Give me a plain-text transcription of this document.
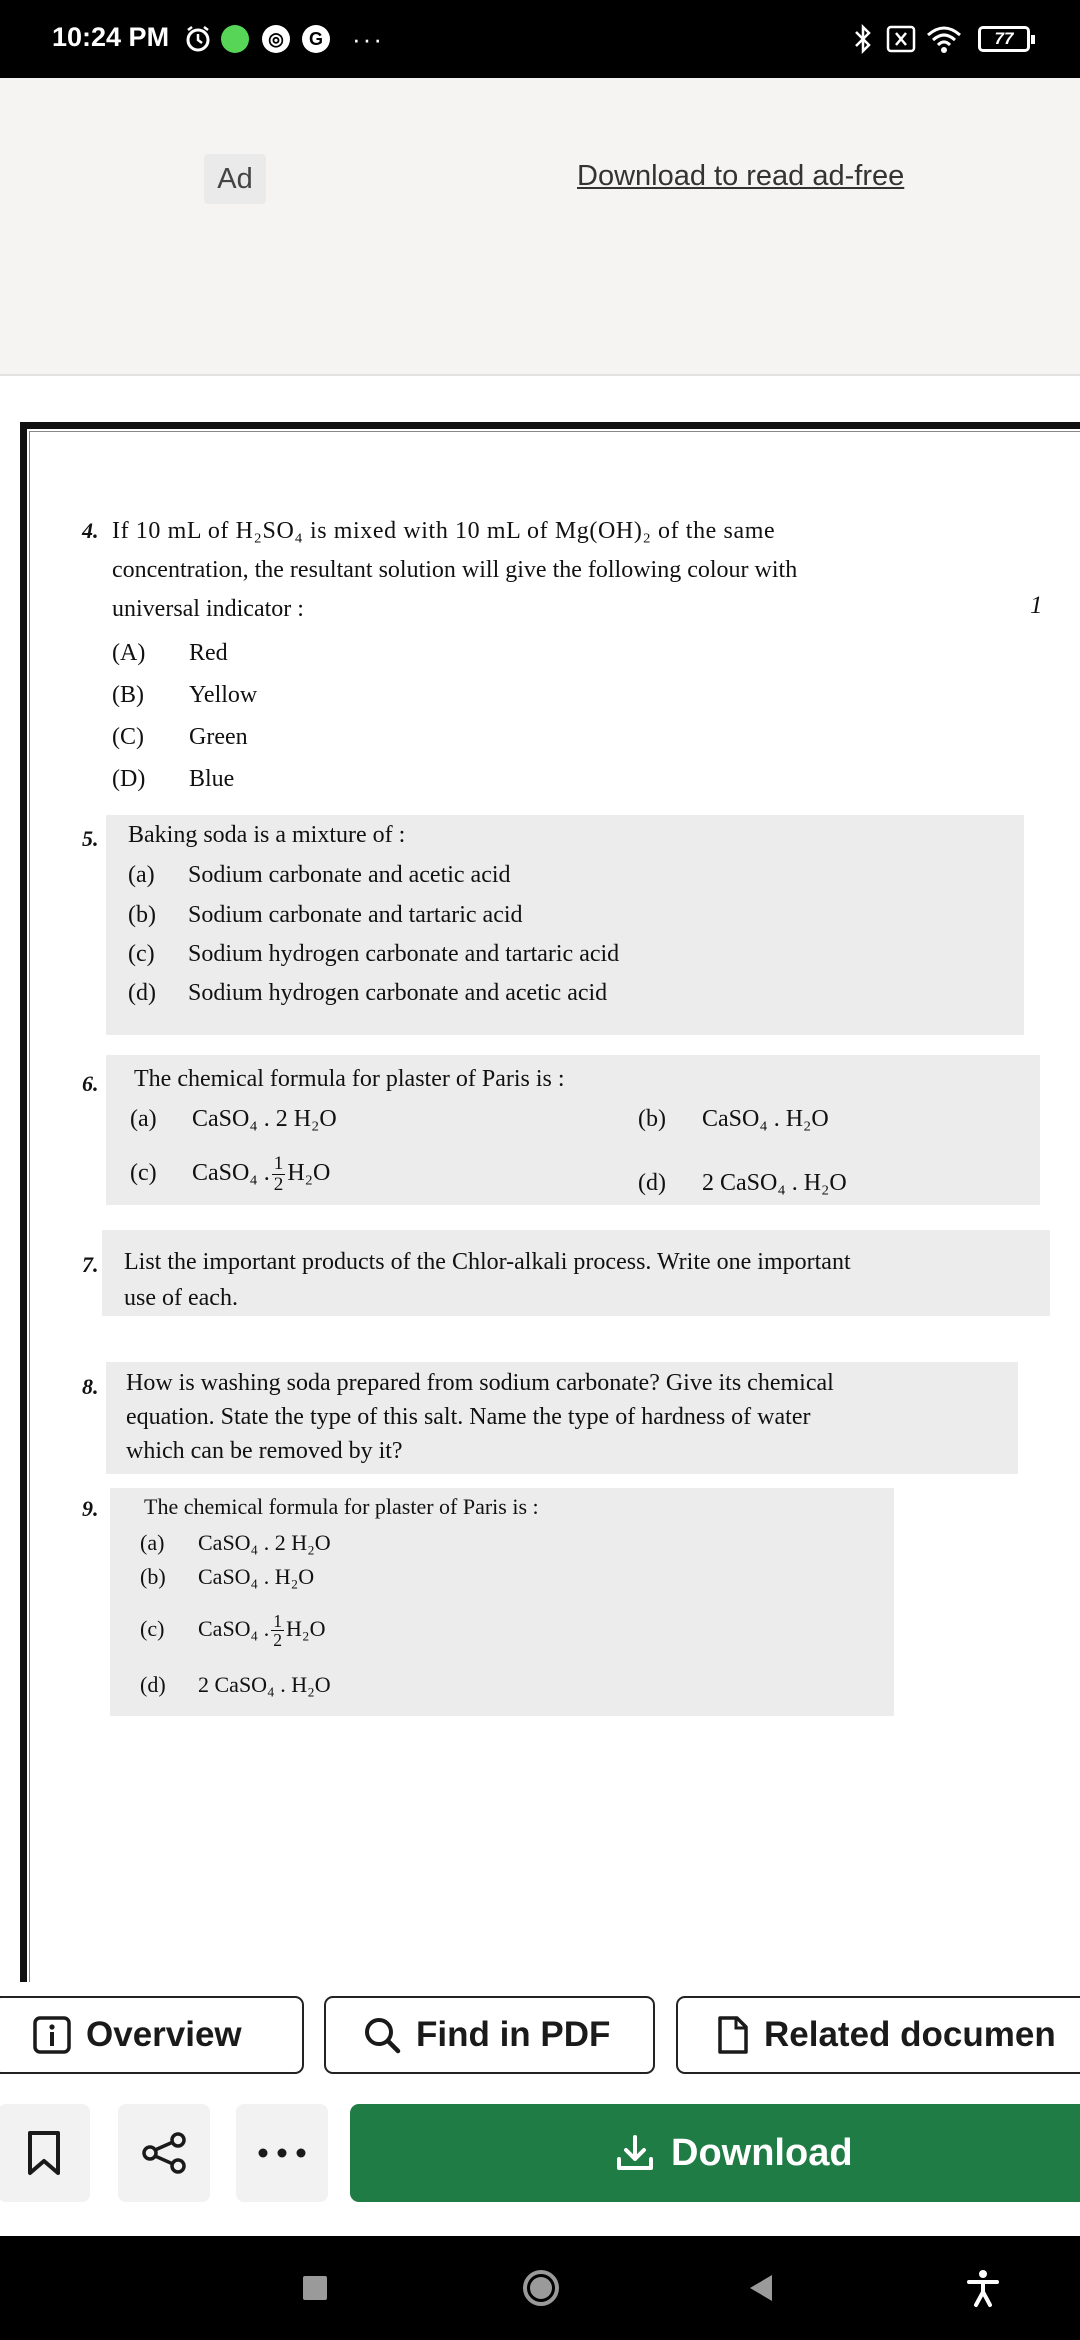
10:24 PM	◎	G ···	77
Ad	Download to read ad-free
4. If 10 mL of H₂SO₄ is mixed with 10 mL of Mg(OH)₂ of the same
concentration, the resultant solution will give the following colour with
universal indicator :	1
(A) Red
(B) Yellow
(C) Green
(D) Blue
5. Baking soda is a mixture of :
(a) Sodium carbonate and acetic acid
(b) Sodium carbonate and tartaric acid
(c) Sodium hydrogen carbonate and tartaric acid
(d) Sodium hydrogen carbonate and acetic acid
6. The chemical formula for plaster of Paris is :
(a) CaSO₄ . 2 H₂O	(b) CaSO₄ . H₂O
(c) CaSO₄ . $\frac{1}{2} H_2O$	(d) 2 CaSO₄ . H₂O
7. List the important products of the Chlor-alkali process. Write one important
use of each.
8. How is washing soda prepared from sodium carbonate? Give its chemical
equation. State the type of this salt. Name the type of hardness of water
which can be removed by it?
9. The chemical formula for plaster of Paris is :
(a) CaSO₄ . 2 H₂O
(b) CaSO₄ . H₂O
(c) CaSO₄ . $\frac{1}{2} H_2O$
(d) 2 CaSO₄ . H₂O
Overview	Find in PDF	Related documen
Download
